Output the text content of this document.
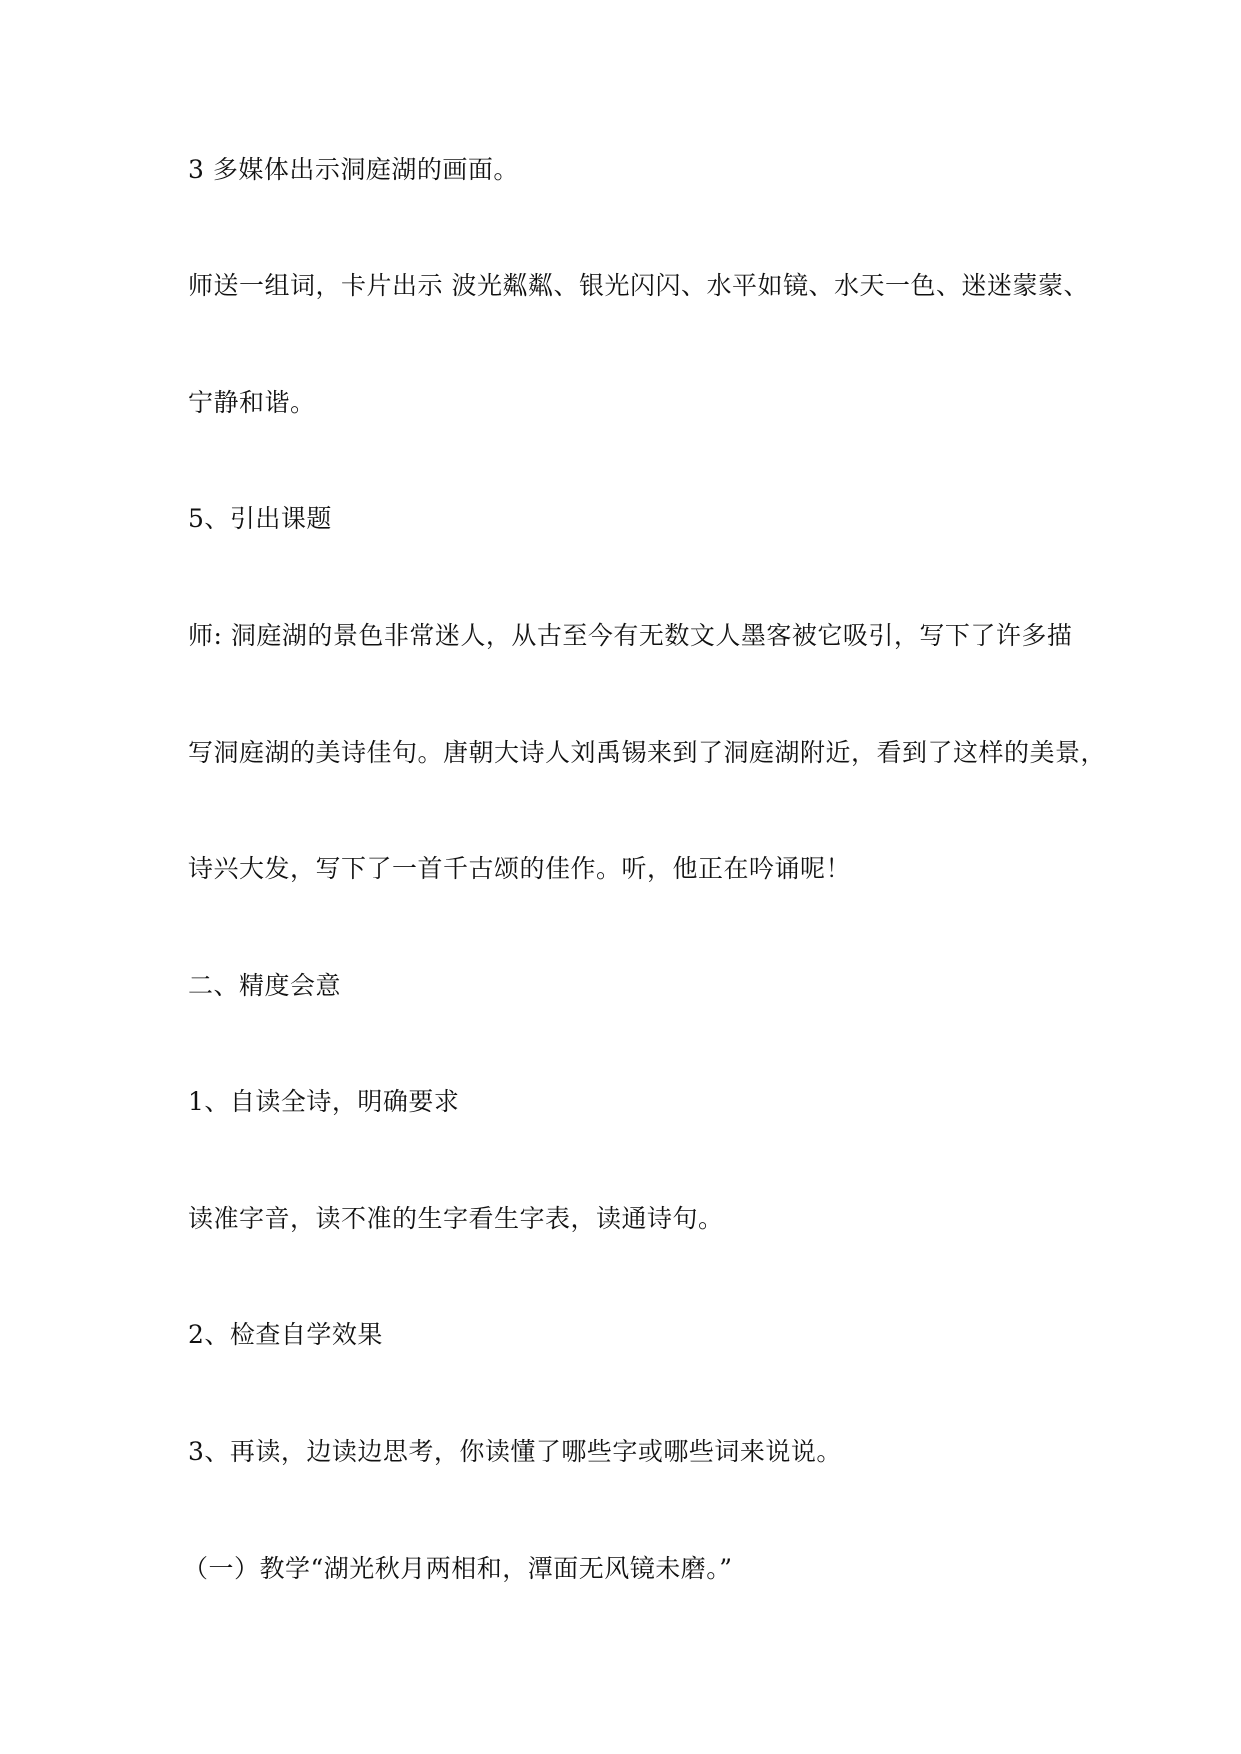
3 多媒体出示洞庭湖的画面。
师送一组词，卡片出示 波光粼粼、银光闪闪、水平如镜、水天一色、迷迷蒙蒙、
宁静和谐。
5、引出课题
师: 洞庭湖的景色非常迷人，从古至今有无数文人墨客被它吸引，写下了许多描
写洞庭湖的美诗佳句。唐朝大诗人刘禹锡来到了洞庭湖附近，看到了这样的美景，
诗兴大发，写下了一首千古颂的佳作。听，他正在吟诵呢！
二、精度会意
1、自读全诗，明确要求
读准字音，读不准的生字看生字表，读通诗句。
2、检查自学效果
3、再读，边读边思考，你读懂了哪些字或哪些词来说说。
（一）教学“湖光秋月两相和，潭面无风镜未磨。”
